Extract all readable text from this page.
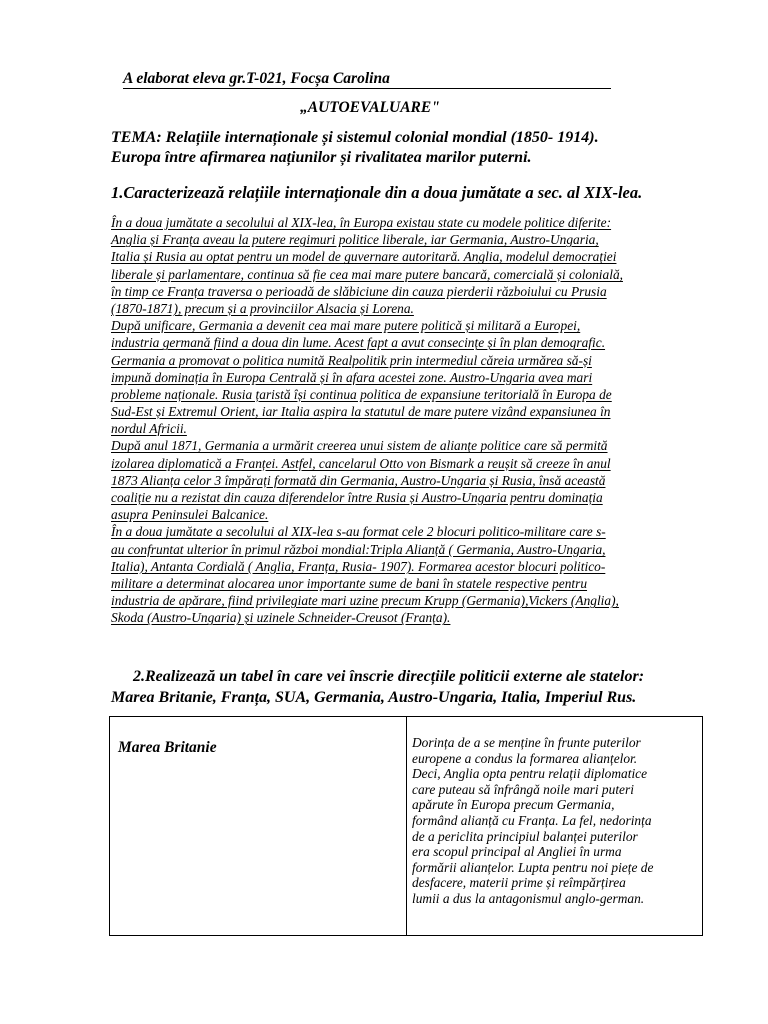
A elaborat eleva gr.T-021, Focșa Carolina
„AUTOEVALUARE"
TEMA: Relațiile internaționale și sistemul colonial mondial (1850- 1914).
Europa între afirmarea națiunilor și rivalitatea marilor puterni.
1.Caracterizează relațiile internaționale din a doua jumătate a sec. al XIX-lea.
În a doua jumătate a secolului al XIX-lea, în Europa existau state cu modele politice diferite:
Anglia și Franța aveau la putere regimuri politice liberale, iar Germania, Austro-Ungaria,
Italia și Rusia au optat pentru un model de guvernare autoritară. Anglia, modelul democrației
liberale și parlamentare, continua să fie cea mai mare putere bancară, comercială și colonială,
în timp ce Franța traversa o perioadă de slăbiciune din cauza pierderii războiului cu Prusia
(1870-1871), precum și a provinciilor Alsacia și Lorena.
După unificare, Germania a devenit cea mai mare putere politică și militară a Europei,
industria germană fiind a doua din lume. Acest fapt a avut consecințe și în plan demografic.
Germania a promovat o politica numită Realpolitik prin intermediul căreia urmărea să-și
impună dominația în Europa Centrală și în afara acestei zone. Austro-Ungaria avea mari
probleme naționale. Rusia țaristă își continua politica de expansiune teritorială în Europa de
Sud-Est și Extremul Orient, iar Italia aspira la statutul de mare putere vizând expansiunea în
nordul Africii.
După anul 1871, Germania a urmărit creerea unui sistem de alianțe politice care să permită
izolarea diplomatică a Franței. Astfel, cancelarul Otto von Bismark a reușit să creeze în anul
1873 Alianța celor 3 împărați formată din Germania, Austro-Ungaria și Rusia, însă această
coaliție nu a rezistat din cauza diferendelor între Rusia și Austro-Ungaria pentru dominația
asupra Peninsulei Balcanice.
În a doua jumătate a secolului al XIX-lea s-au format cele 2 blocuri politico-militare care s-
au confruntat ulterior în primul război mondial:Tripla Alianță ( Germania, Austro-Ungaria,
Italia), Antanta Cordială ( Anglia, Franța, Rusia- 1907). Formarea acestor blocuri politico-
militare a determinat alocarea unor importante sume de bani în statele respective pentru
industria de apărare, fiind privilegiate mari uzine precum Krupp (Germania),Vickers (Anglia),
Skoda (Austro-Ungaria) și uzinele Schneider-Creusot (Franța).
2.Realizează un tabel în care vei înscrie direcțiile politicii externe ale statelor:
Marea Britanie, Franța, SUA, Germania, Austro-Ungaria, Italia, Imperiul Rus.
Marea Britanie	Dorința de a se menține în frunte puterilor
europene a condus la formarea alianțelor.
Deci, Anglia opta pentru relații diplomatice
care puteau să înfrângă noile mari puteri
apărute în Europa precum Germania,
formând alianță cu Franța. La fel, nedorința
de a periclita principiul balanței puterilor
era scopul principal al Angliei în urma
formării alianțelor. Lupta pentru noi piețe de
desfacere, materii prime și reîmpărțirea
lumii a dus la antagonismul anglo-german.
